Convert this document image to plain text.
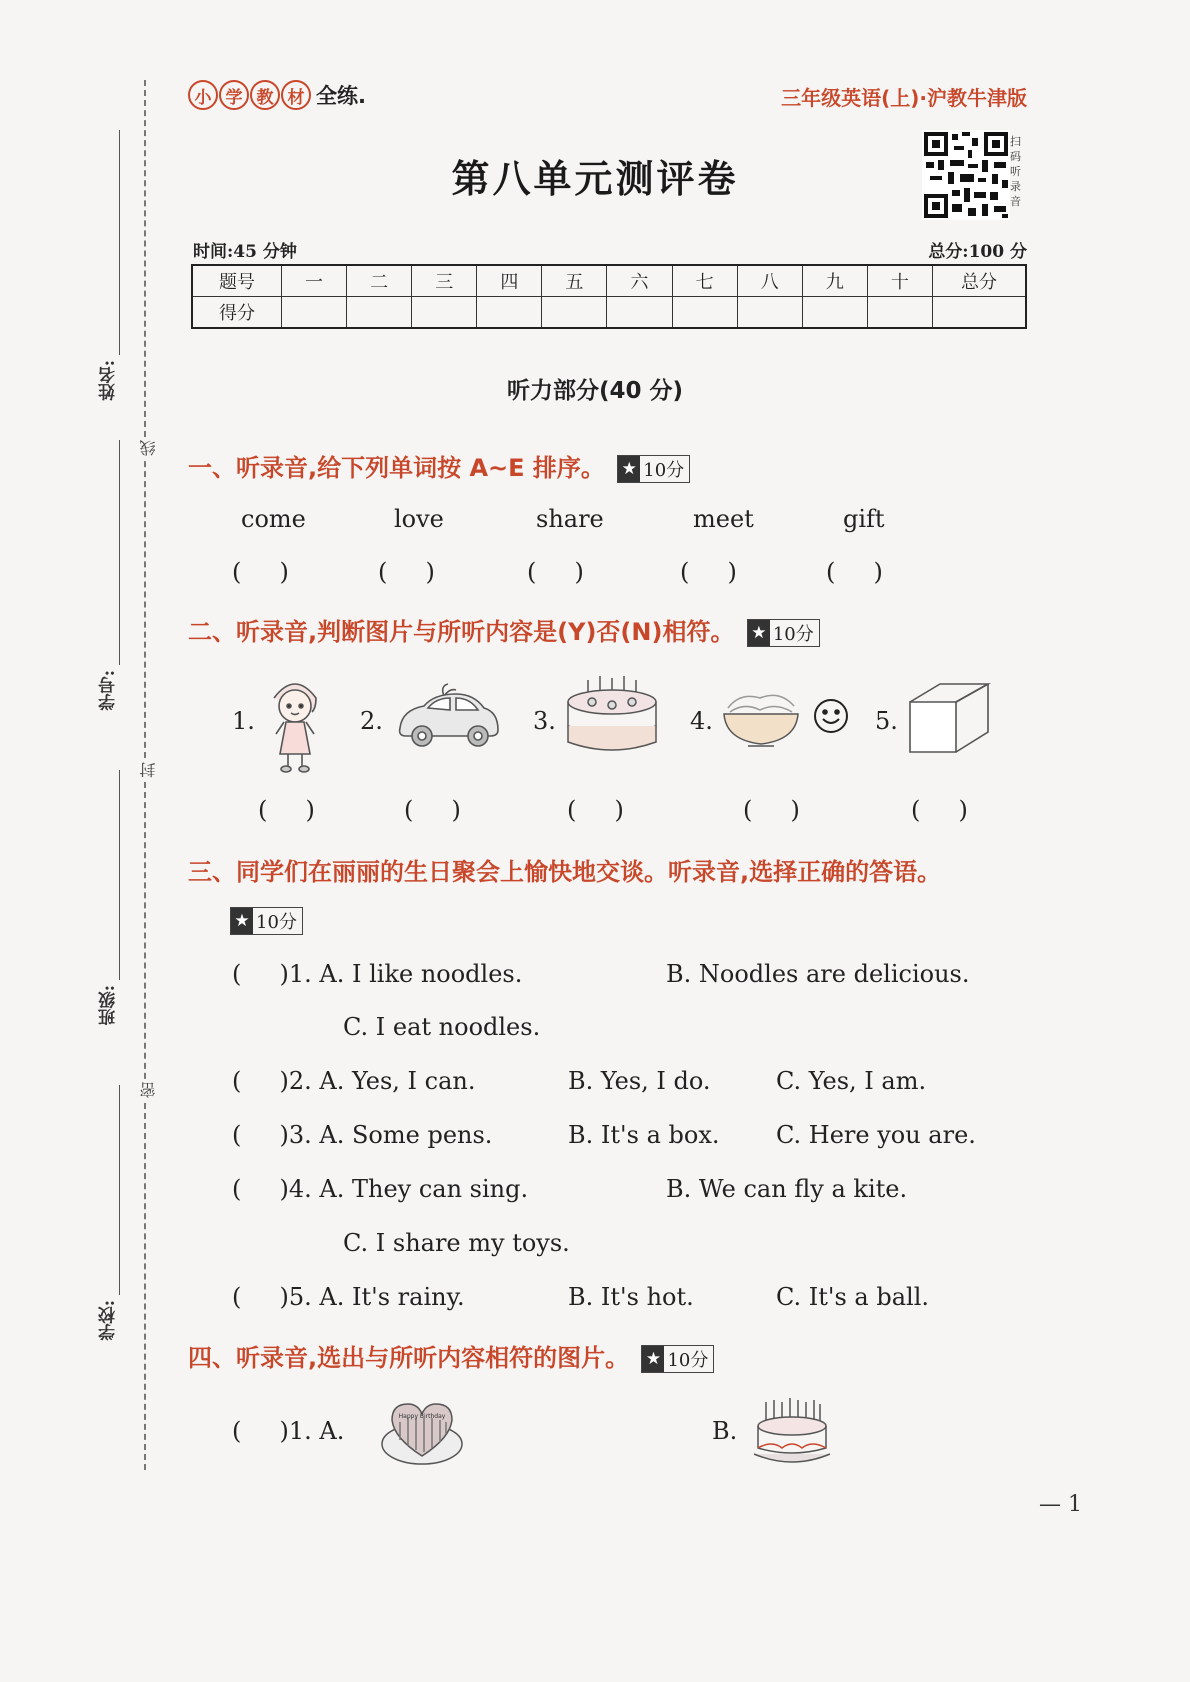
姓名:
学号:
班级:
学校:
线
封
密
小 学 教 材 全练.	三年级英语(上)·沪教牛津版
第八单元测评卷
扫码听录音
时间:45 分钟	总分:100 分
题号	一	二	三	四	五	六	七	八	九	十	总分
得分											
听力部分(40 分)
一、听录音,给下列单词按 A~E 排序。 ★ 10分
come	love	share	meet	gift
(     )	(     )	(     )	(     )	(     )
二、听录音,判断图片与所听内容是(Y)否(N)相符。 ★ 10分
1.	2.	3.	4.	5.
(     )	(     )	(     )	(     )	(     )
三、同学们在丽丽的生日聚会上愉快地交谈。听录音,选择正确的答语。
★ 10分
(     )1. A. I like noodles.	B. Noodles are delicious.
C. I eat noodles.
(     )2. A. Yes, I can.	B. Yes, I do.	C. Yes, I am.
(     )3. A. Some pens.	B. It's a box. C. Here you are.
(     )4. A. They can sing.	B. We can fly a kite.
C. I share my toys.
(     )5. A. It's rainy.	B. It's hot.	C. It's a ball.
四、听录音,选出与所听内容相符的图片。 ★ 10分
(     )1. A.
Happy Birthday
B.
— 1
